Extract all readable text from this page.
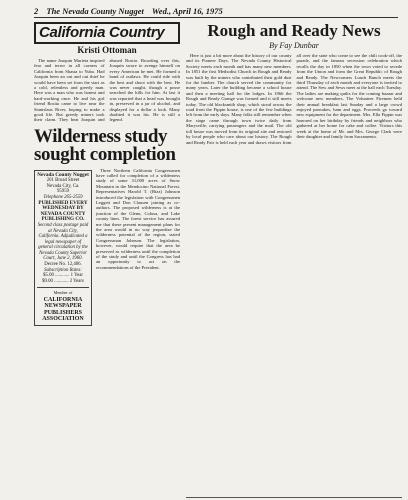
2 The Nevada County Nugget Wed., April 16, 1975
California Country
Kristi Ottoman

The name Joaquin Murieta inspired fear and terror in all corners of California from Shasta to Yuba. Had Joaquin been an out and out thief he would have been set from the start as a cold, relentless and greedy man. Here was a man who was honest and hard-working once. He and his girl friend Rosita came to live near the Stanislaus River, hoping to make a good life. But greedy miners took their claim. They beat Joaquin and abused Rosita. Brooding over this, Joaquin swore to avenge himself on every American he met. He formed a band of outlaws. He could ride with the best and shoot with the best. He was never caught, though a posse searched the hills for him. At last it was reported that a head was brought in, preserved in a jar of alcohol, and displayed for a dollar a look. Many doubted it was his. He is still a legend.

Wilderness study sought completion
Nevada County Nugget
201 Broad Street
Nevada City, Ca.
95959
Telephone 265-2559
PUBLISHED EVERY
WEDNESDAY BY
NEVADA COUNTY
PUBLISHING CO.
Second class postage paid at Nevada City, California. Adjudicated a legal newspaper of general circulation by the Nevada County Superior Court, June 2, 1960.
Decree No. 12,406.
Subscription Rates:
$5.00 ............ 1 Year
$9.00 ............ 2 Years
Member of
CALIFORNIA NEWSPAPER
PUBLISHERS ASSOCIATION

Three Northern California Congressmen have called for completion of a wilderness study of some 31,000 acres of Snow Mountain in the Mendocino National Forest. Representatives Harold T. (Bizz) Johnson introduced the legislation with Congressmen Leggett and Don Clausen joining as co-authors. The proposed wilderness is at the junction of the Glenn, Colusa, and Lake county lines. The forest service has assured me that these present management plans for the area would in no way jeopardize the wilderness potential of the region, stated Congressman Johnson. The legislation, however, would require that the area be preserved as wilderness until the completion of the study and until the Congress has had an opportunity to act on the recommendations of the President.

Rough and Ready News
By Fay Dunbar

Here is just a bit more about the history of our county and its Pioneer Days. The Nevada County Historical Society meets each month and has many new members. In 1851 the first Methodist Church in Rough and Ready was built by the miners who contributed their gold dust for the lumber. The church served the community for many years. Later the building became a school house and then a meeting hall for the lodges. In 1866 the Rough and Ready Grange was formed and it still meets today. The old blacksmith shop, which stood across the road from the Fippin house, is one of the few buildings left from the early days. Many folks still remember when the stage came through town twice daily from Marysville, carrying passengers and the mail. The old toll house was moved from its original site and restored by local people who care about our history. The Rough and Ready Fair is held each year and draws visitors from all over the state who come to see the chili cook-off, the parade, and the famous secession celebration which recalls the day in 1850 when the town voted to secede from the Union and form the Great Republic of Rough and Ready. The Newcomers Lunch Bunch meets the third Thursday of each month and everyone is invited to attend. The Sew and Sews meet at the hall each Tuesday. The ladies are making quilts for the coming bazaar and welcome new members. The Volunteer Firemen held their annual breakfast last Sunday and a large crowd enjoyed pancakes, ham and eggs. Proceeds go toward new equipment for the department. Mrs. Ella Fippin was honored on her birthday by friends and neighbors who gathered at her home for cake and coffee. Visitors this week at the home of Mr. and Mrs. George Clark were their daughter and family from Sacramento.
